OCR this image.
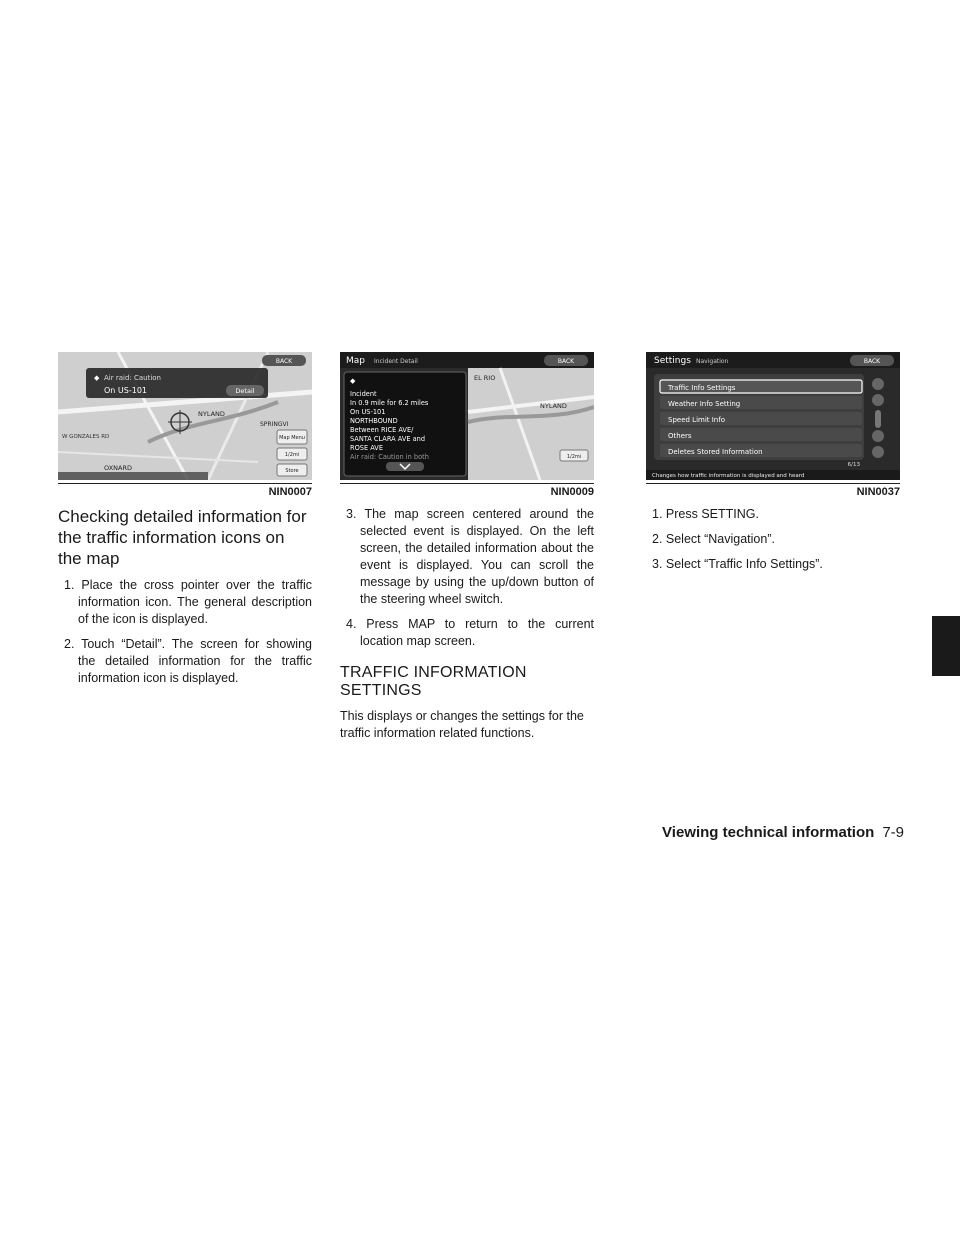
◆ Air raid: Caution
On US-101	Detail
BACK
NYLAND
W GONZALES RD
OXNARD
SPRINGVI
Map Menu
1/2mi
Store
NIN0007
Checking detailed information for the traffic information icons on the map
1. Place the cross pointer over the traffic information icon. The general description of the icon is displayed.
2. Touch “Detail”. The screen for showing the detailed information for the traffic information icon is displayed.
Map Incident Detail	BACK
EL RIO
NYLAND
1/2mi
◆
Incident
In 0.9 mile for 6.2 miles
On US-101
NORTHBOUND
Between RICE AVE/
SANTA CLARA AVE and
ROSE AVE
Air raid: Caution in both
NIN0009
3. The map screen centered around the selected event is displayed. On the left screen, the detailed information about the event is displayed. You can scroll the message by using the up/down button of the steering wheel switch.
4. Press MAP to return to the current location map screen.
TRAFFIC INFORMATION SETTINGS

This displays or changes the settings for the traffic information related functions.

Settings Navigation	BACK
Traffic Info Settings
Weather Info Setting
Speed Limit Info
Others
Deletes Stored Information
6/13
Changes how traffic information is displayed and heard
NIN0037
1. Press SETTING.
2. Select “Navigation”.
3. Select “Traffic Info Settings”.
Viewing technical information 7-9
